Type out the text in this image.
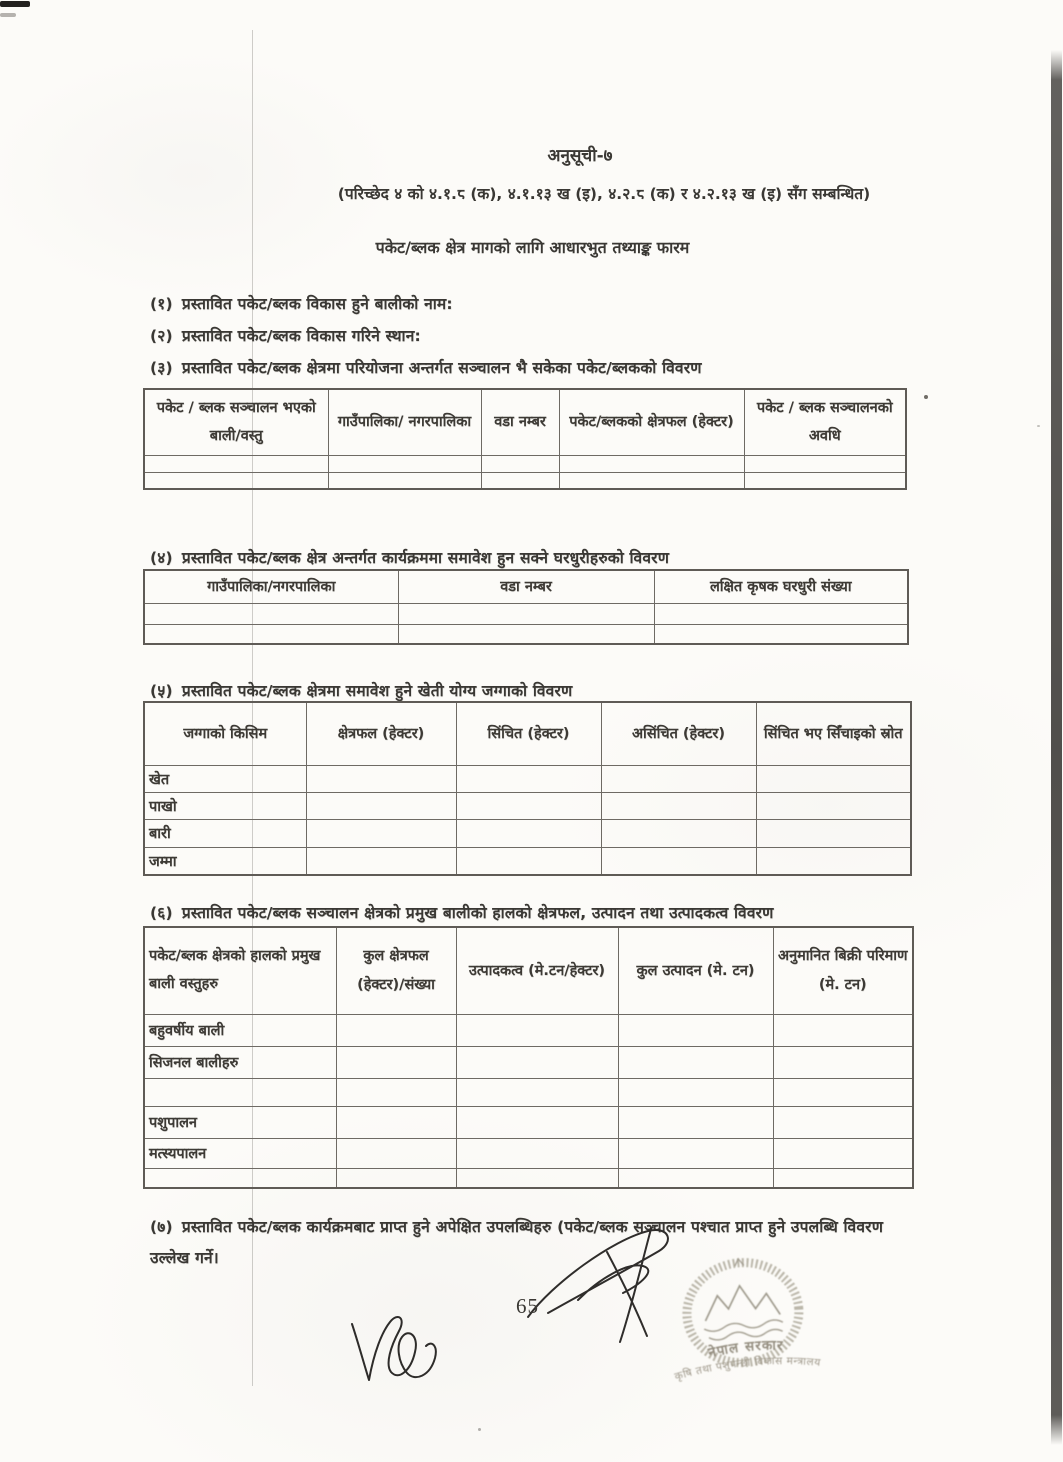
अनुसूची-७
(परिच्छेद ४ को ४.१.८ (क), ४.१.१३ ख (इ), ४.२.८ (क) र ४.२.१३ ख (इ) सँग सम्बन्धित)
पकेट/ब्लक क्षेत्र मागको लागि आधारभुत तथ्याङ्क फारम
(१) प्रस्तावित पकेट/ब्लक विकास हुने बालीको नाम:
(२) प्रस्तावित पकेट/ब्लक विकास गरिने स्थान:
(३) प्रस्तावित पकेट/ब्लक क्षेत्रमा परियोजना अन्तर्गत सञ्चालन भै सकेका पकेट/ब्लकको विवरण
पकेट / ब्लक सञ्चालन भएको बाली/वस्तु	गाउँपालिका/ नगरपालिका	वडा नम्बर	पकेट/ब्लकको क्षेत्रफल (हेक्टर)	पकेट / ब्लक सञ्चालनको अवधि

(४) प्रस्तावित पकेट/ब्लक क्षेत्र अन्तर्गत कार्यक्रममा समावेश हुन सक्ने घरधुरीहरुको विवरण
गाउँपालिका/नगरपालिका	वडा नम्बर	लक्षित कृषक घरधुरी संख्या

(५) प्रस्तावित पकेट/ब्लक क्षेत्रमा समावेश हुने खेती योग्य जग्गाको विवरण
जग्गाको किसिम	क्षेत्रफल (हेक्टर)	सिंचित (हेक्टर)	असिंचित (हेक्टर)	सिंचित भए सिँचाइको स्रोत
खेत				
पाखो				
बारी				
जम्मा				
(६) प्रस्तावित पकेट/ब्लक सञ्चालन क्षेत्रको प्रमुख बालीको हालको क्षेत्रफल, उत्पादन तथा उत्पादकत्व विवरण
पकेट/ब्लक क्षेत्रको हालको प्रमुख बाली वस्तुहरु	कुल क्षेत्रफल (हेक्टर)/संख्या	उत्पादकत्व (मे.टन/हेक्टर)	कुल उत्पादन (मे. टन)	अनुमानित बिक्री परिमाण (मे. टन)
बहुवर्षीय बाली				
सिजनल बालीहरु				

पशुपालन				
मत्स्यपालन				

(७) प्रस्तावित पकेट/ब्लक कार्यक्रमबाट प्राप्त हुने अपेक्षित उपलब्धिहरु (पकेट/ब्लक सञ्चालन पश्चात प्राप्त हुने उपलब्धि विवरण उल्लेख गर्ने।
65
नेपाल सरकार
कृषि तथा पशुपन्छी विकास मन्त्रालय
